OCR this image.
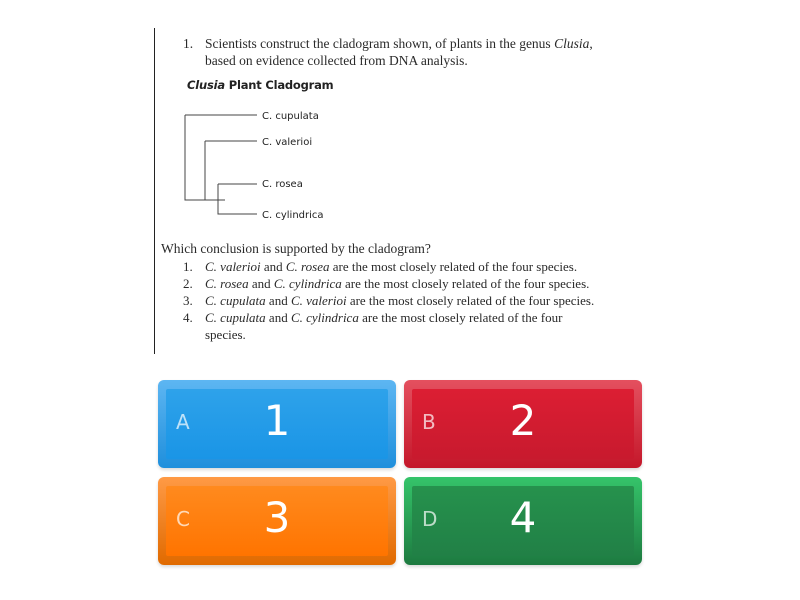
1. Scientists construct the cladogram shown, of plants in the genus Clusia,
based on evidence collected from DNA analysis.
Clusia Plant Cladogram
C. cupulata
C. valerioi
C. rosea
C. cylindrica
Which conclusion is supported by the cladogram?
1. C. valerioi and C. rosea are the most closely related of the four species.
2. C. rosea and C. cylindrica are the most closely related of the four species.
3. C. cupulata and C. valerioi are the most closely related of the four species.
4. C. cupulata and C. cylindrica are the most closely related of the four
species.
A	1	B	2
C	3	D	4
